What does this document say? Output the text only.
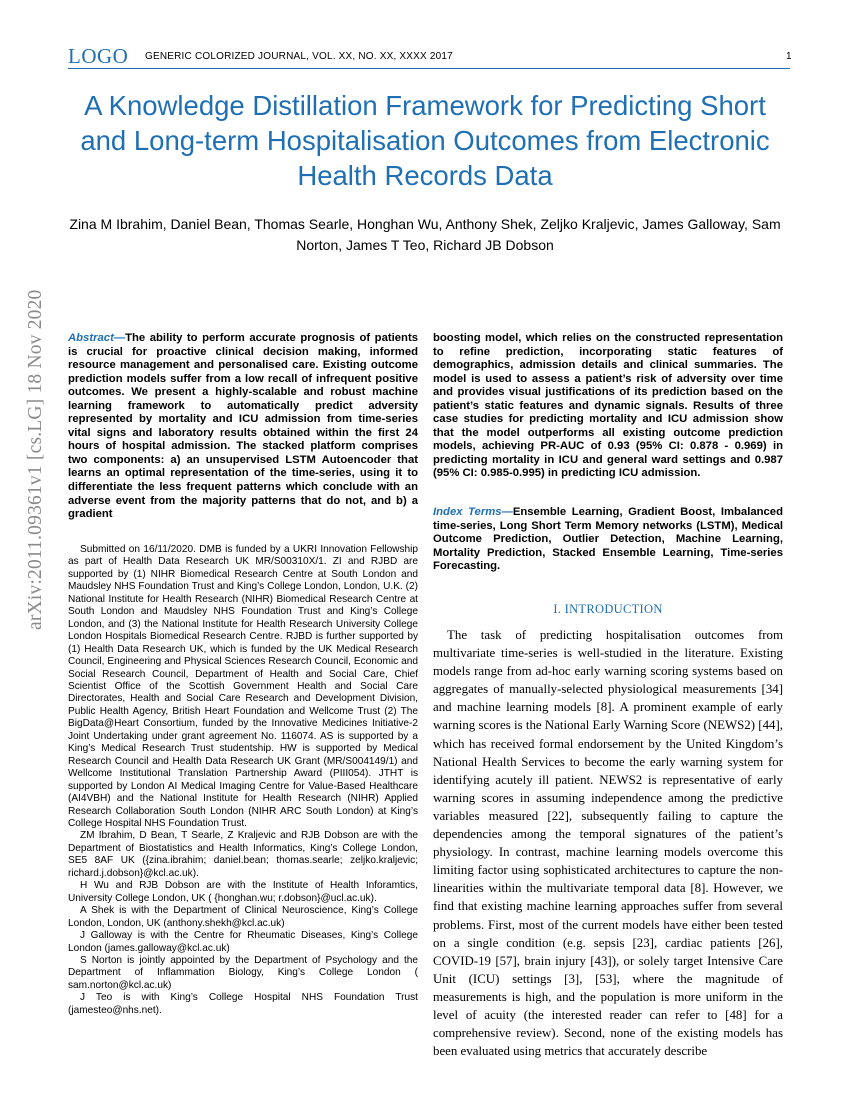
LOGO GENERIC COLORIZED JOURNAL, VOL. XX, NO. XX, XXXX 2017	1
A Knowledge Distillation Framework for Predicting Short and Long-term Hospitalisation Outcomes from Electronic Health Records Data
Zina M Ibrahim, Daniel Bean, Thomas Searle, Honghan Wu, Anthony Shek, Zeljko Kraljevic, James Galloway, Sam Norton, James T Teo, Richard JB Dobson
arXiv:2011.09361v1 [cs.LG] 18 Nov 2020	Abstract—The ability to perform accurate prognosis of patients is crucial for proactive clinical decision making, informed resource management and personalised care. Existing outcome prediction models suffer from a low recall of infrequent positive outcomes. We present a highly-scalable and robust machine learning framework to automatically predict adversity represented by mortality and ICU admission from time-series vital signs and laboratory results obtained within the first 24 hours of hospital admission. The stacked platform comprises two components: a) an unsupervised LSTM Autoencoder that learns an optimal representation of the time-series, using it to differentiate the less frequent patterns which conclude with an adverse event from the majority patterns that do not, and b) a gradient
boosting model, which relies on the constructed representation to refine prediction, incorporating static features of demographics, admission details and clinical summaries. The model is used to assess a patient’s risk of adversity over time and provides visual justifications of its prediction based on the patient’s static features and dynamic signals. Results of three case studies for predicting mortality and ICU admission show that the model outperforms all existing outcome prediction models, achieving PR-AUC of 0.93 (95% CI: 0.878 - 0.969) in predicting mortality in ICU and general ward settings and 0.987 (95% CI: 0.985-0.995) in predicting ICU admission.
Index Terms—Ensemble Learning, Gradient Boost, Imbalanced time-series, Long Short Term Memory networks (LSTM), Medical Outcome Prediction, Outlier Detection, Machine Learning, Mortality Prediction, Stacked Ensemble Learning, Time-series Forecasting.

Submitted on 16/11/2020. DMB is funded by a UKRI Innovation Fellowship as part of Health Data Research UK MR/S00310X/1. ZI and RJBD are supported by (1) NIHR Biomedical Research Centre at South London and Maudsley NHS Foundation Trust and King’s College London, London, U.K. (2) National Institute for Health Research (NIHR) Biomedical Research Centre at South London and Maudsley NHS Foundation Trust and King’s College London, and (3) the National Institute for Health Research University College London Hospitals Biomedical Research Centre. RJBD is further supported by (1) Health Data Research UK, which is funded by the UK Medical Research Council, Engineering and Physical Sciences Research Council, Economic and Social Research Council, Department of Health and Social Care, Chief Scientist Office of the Scottish Government Health and Social Care Directorates, Health and Social Care Research and Development Division, Public Health Agency, British Heart Foundation and Wellcome Trust (2) The BigData@Heart Consortium, funded by the Innovative Medicines Initiative-2 Joint Undertaking under grant agreement No. 116074. AS is supported by a King’s Medical Research Trust studentship. HW is supported by Medical Research Council and Health Data Research UK Grant (MR/S004149/1) and Wellcome Institutional Translation Partnership Award (PIII054). JTHT is supported by London AI Medical Imaging Centre for Value-Based Healthcare (AI4VBH) and the National Institute for Health Research (NIHR) Applied Research Collaboration South London (NIHR ARC South London) at King’s College Hospital NHS Foundation Trust.

ZM Ibrahim, D Bean, T Searle, Z Kraljevic and RJB Dobson are with the Department of Biostatistics and Health Informatics, King’s College London, SE5 8AF UK ({zina.ibrahim; daniel.bean; thomas.searle; zeljko.kraljevic; richard.j.dobson}@kcl.ac.uk).

H Wu and RJB Dobson are with the Institute of Health Inforamtics, University College London, UK ( {honghan.wu; r.dobson}@ucl.ac.uk).

A Shek is with the Department of Clinical Neuroscience, King’s College London, London, UK (anthony.shekh@kcl.ac.uk)

J Galloway is with the Centre for Rheumatic Diseases, King’s College London (james.galloway@kcl.ac.uk)

S Norton is jointly appointed by the Department of Psychology and the Department of Inflammation Biology, King’s College London ( sam.norton@kcl.ac.uk)

J Teo is with King’s College Hospital NHS Foundation Trust (jamesteo@nhs.net).

I. INTRODUCTION

The task of predicting hospitalisation outcomes from multivariate time-series is well-studied in the literature. Existing models range from ad-hoc early warning scoring systems based on aggregates of manually-selected physiological measurements [34] and machine learning models [8]. A prominent example of early warning scores is the National Early Warning Score (NEWS2) [44], which has received formal endorsement by the United Kingdom’s National Health Services to become the early warning system for identifying acutely ill patient. NEWS2 is representative of early warning scores in assuming independence among the predictive variables measured [22], subsequently failing to capture the dependencies among the temporal signatures of the patient’s physiology. In contrast, machine learning models overcome this limiting factor using sophisticated architectures to capture the non-linearities within the multivariate temporal data [8]. However, we find that existing machine learning approaches suffer from several problems. First, most of the current models have either been tested on a single condition (e.g. sepsis [23], cardiac patients [26], COVID-19 [57], brain injury [43]), or solely target Intensive Care Unit (ICU) settings [3], [53], where the magnitude of measurements is high, and the population is more uniform in the level of acuity (the interested reader can refer to [48] for a comprehensive review). Second, none of the existing models has been evaluated using metrics that accurately describe
